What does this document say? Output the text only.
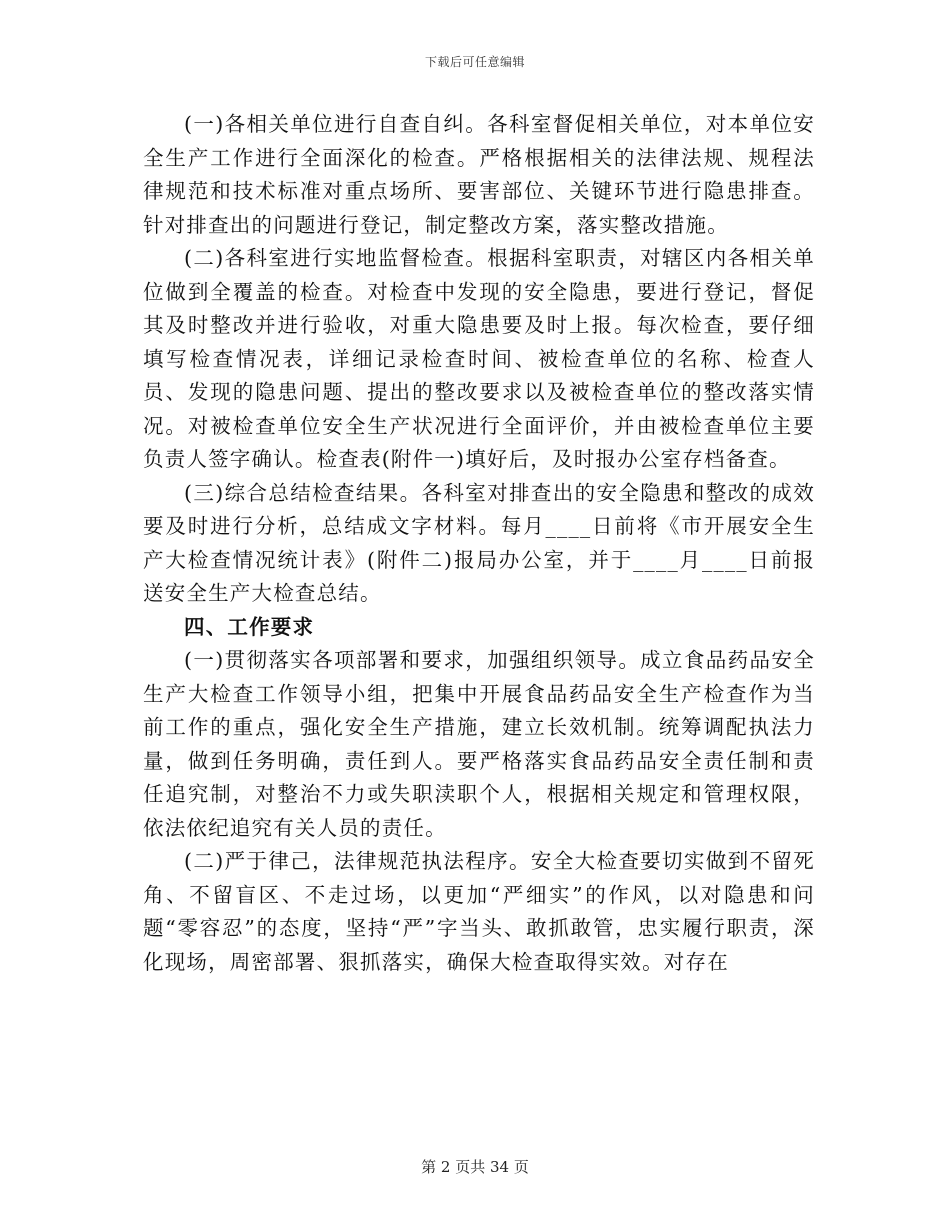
下载后可任意编辑

(一)各相关单位进行自查自纠。各科室督促相关单位，对本单位安全生产工作进行全面深化的检查。严格根据相关的法律法规、规程法律规范和技术标准对重点场所、要害部位、关键环节进行隐患排查。针对排查出的问题进行登记，制定整改方案，落实整改措施。

(二)各科室进行实地监督检查。根据科室职责，对辖区内各相关单位做到全覆盖的检查。对检查中发现的安全隐患，要进行登记，督促其及时整改并进行验收，对重大隐患要及时上报。每次检查，要仔细填写检查情况表，详细记录检查时间、被检查单位的名称、检查人员、发现的隐患问题、提出的整改要求以及被检查单位的整改落实情况。对被检查单位安全生产状况进行全面评价，并由被检查单位主要负责人签字确认。检查表(附件一)填好后，及时报办公室存档备查。

(三)综合总结检查结果。各科室对排查出的安全隐患和整改的成效要及时进行分析，总结成文字材料。每月____日前将《市开展安全生产大检查情况统计表》(附件二)报局办公室，并于____月____日前报送安全生产大检查总结。

四、工作要求

(一)贯彻落实各项部署和要求，加强组织领导。成立食品药品安全生产大检查工作领导小组，把集中开展食品药品安全生产检查作为当前工作的重点，强化安全生产措施，建立长效机制。统筹调配执法力量，做到任务明确，责任到人。要严格落实食品药品安全责任制和责任追究制，对整治不力或失职渎职个人，根据相关规定和管理权限，依法依纪追究有关人员的责任。

(二)严于律己，法律规范执法程序。安全大检查要切实做到不留死角、不留盲区、不走过场，以更加“严细实”的作风，以对隐患和问题“零容忍”的态度，坚持“严”字当头、敢抓敢管，忠实履行职责，深化现场，周密部署、狠抓落实，确保大检查取得实效。对存在

第 2 页共 34 页
